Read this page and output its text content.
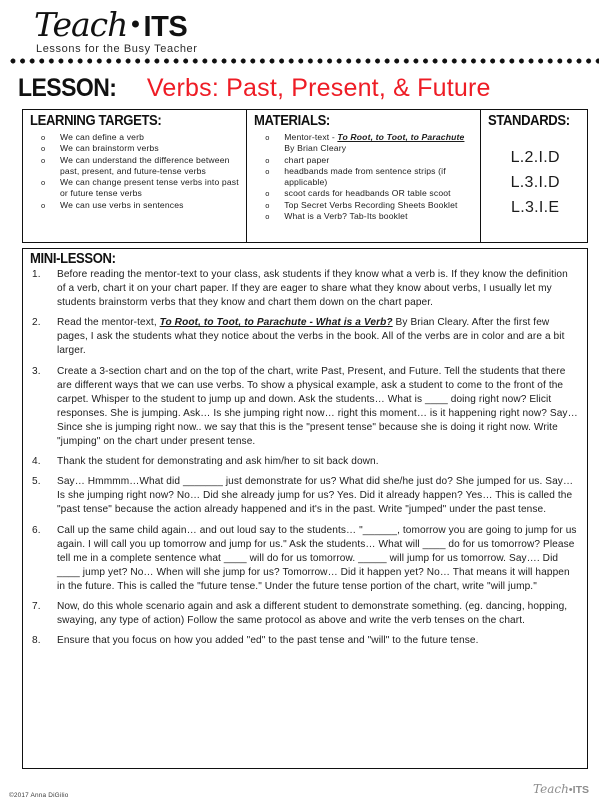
Teach•ITS
Lessons for the Busy Teacher
LESSON: Verbs: Past, Present, & Future
LEARNING TARGETS:
o We can define a verb
o We can brainstorm verbs
o We can understand the difference between past, present, and future-tense verbs
o We can change present tense verbs into past or future tense verbs
o We can use verbs in sentences
MATERIALS:
o Mentor-text - To Root, to Toot, to Parachute By Brian Cleary
o chart paper
o headbands made from sentence strips (if applicable)
o scoot cards for headbands OR table scoot
o Top Secret Verbs Recording Sheets Booklet
o What is a Verb? Tab-Its booklet
STANDARDS:
L.2.I.D
L.3.I.D
L.3.I.E
MINI-LESSON:
Before reading the mentor-text to your class, ask students if they know what a verb is. If they know the definition of a verb, chart it on your chart paper. If they are eager to share what they know about verbs, I usually let my students brainstorm verbs that they know and chart them down on the chart paper.
Read the mentor-text, To Root, to Toot, to Parachute - What is a Verb? By Brian Cleary. After the first few pages, I ask the students what they notice about the verbs in the book. All of the verbs are in color and are a bit larger.
Create a 3-section chart and on the top of the chart, write Past, Present, and Future. Tell the students that there are different ways that we can use verbs. To show a physical example, ask a student to come to the front of the carpet. Whisper to the student to jump up and down. Ask the students… What is ____ doing right now? Elicit responses. She is jumping. Ask… Is she jumping right now… right this moment… is it happening right now? Say… Since she is jumping right now.. we say that this is the "present tense" because she is doing it right now. Write "jumping" on the chart under present tense.
Thank the student for demonstrating and ask him/her to sit back down.
Say… Hmmmm…What did _______ just demonstrate for us? What did she/he just do? She jumped for us. Say… Is she jumping right now? No… Did she already jump for us? Yes. Did it already happen? Yes… This is called the "past tense" because the action already happened and it's in the past. Write "jumped" under the past tense.
Call up the same child again… and out loud say to the students… "______, tomorrow you are going to jump for us again. I will call you up tomorrow and jump for us." Ask the students… What will ____ do for us tomorrow? Please tell me in a complete sentence what ____ will do for us tomorrow. _____ will jump for us tomorrow. Say…. Did ____ jump yet? No… When will she jump for us? Tomorrow… Did it happen yet? No… That means it will happen in the future. This is called the "future tense." Under the future tense portion of the chart, write "will jump."
Now, do this whole scenario again and ask a different student to demonstrate something. (eg. dancing, hopping, swaying, any type of action) Follow the same protocol as above and write the verb tenses on the chart.
Ensure that you focus on how you added "ed" to the past tense and "will" to the future tense.
©2017 Anna DiGilio	Teach•ITS
